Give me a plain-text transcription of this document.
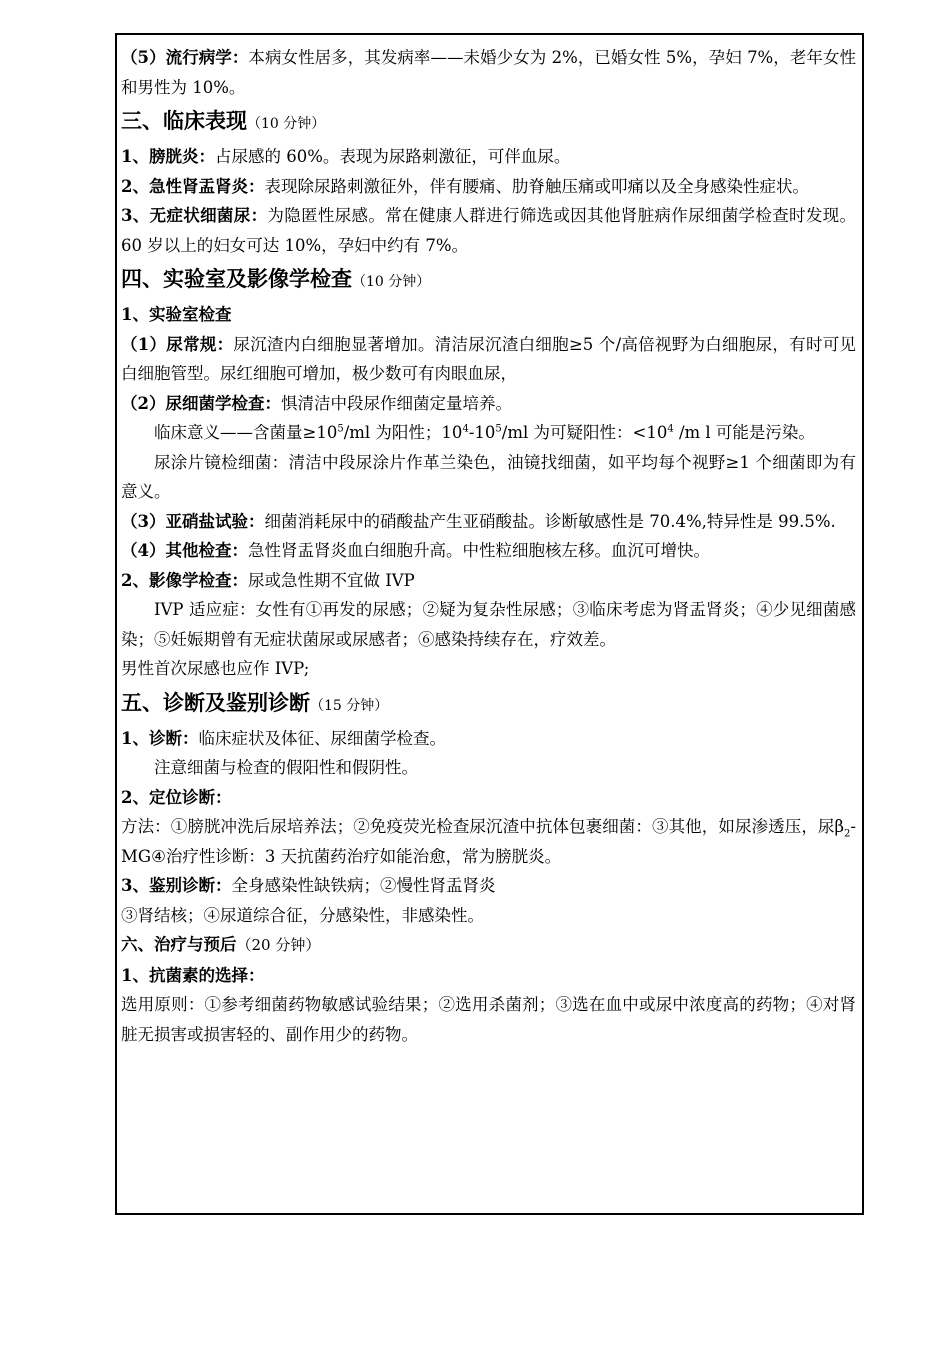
（5）流行病学：本病女性居多，其发病率——未婚少女为 2%，已婚女性 5%，孕妇 7%，老年女性和男性为 10%。

三、临床表现（10 分钟）

1、膀胱炎：占尿感的 60%。表现为尿路刺激征，可伴血尿。

2、急性肾盂肾炎：表现除尿路刺激征外，伴有腰痛、肋脊触压痛或叩痛以及全身感染性症状。

3、无症状细菌尿：为隐匿性尿感。常在健康人群进行筛选或因其他肾脏病作尿细菌学检查时发现。60 岁以上的妇女可达 10%，孕妇中约有 7%。

四、实验室及影像学检查（10 分钟）

1、实验室检查

（1）尿常规：尿沉渣内白细胞显著增加。清洁尿沉渣白细胞≥5 个/高倍视野为白细胞尿，有时可见白细胞管型。尿红细胞可增加，极少数可有肉眼血尿，

（2）尿细菌学检查：惧清洁中段尿作细菌定量培养。

临床意义——含菌量$\ge 10^5/ml$ 为阳性；$10^4-10^5/ml$ 为可疑阳性：$<10^4$ /m l 可能是污染。

尿涂片镜检细菌：清洁中段尿涂片作革兰染色，油镜找细菌，如平均每个视野≥1 个细菌即为有意义。

（3）亚硝盐试验：细菌消耗尿中的硝酸盐产生亚硝酸盐。诊断敏感性是 70.4%,特异性是 99.5%.

（4）其他检查：急性肾盂肾炎血白细胞升高。中性粒细胞核左移。血沉可增快。

2、影像学检查：尿或急性期不宜做 IVP

IVP 适应症：女性有①再发的尿感；②疑为复杂性尿感；③临床考虑为肾盂肾炎；④少见细菌感染；⑤妊娠期曾有无症状菌尿或尿感者；⑥感染持续存在，疗效差。

男性首次尿感也应作 IVP;

五、诊断及鉴别诊断（15 分钟）

1、诊断：临床症状及体征、尿细菌学检查。

注意细菌与检查的假阳性和假阴性。

2、定位诊断：

方法：①膀胱冲洗后尿培养法；②免疫荧光检查尿沉渣中抗体包裹细菌：③其他，如尿渗透压，尿$\beta_2$-MG④治疗性诊断：3 天抗菌药治疗如能治愈，常为膀胱炎。

3、鉴别诊断：全身感染性缺铁病；②慢性肾盂肾炎

③肾结核；④尿道综合征，分感染性，非感染性。

六、治疗与预后（20 分钟）

1、抗菌素的选择：

选用原则：①参考细菌药物敏感试验结果；②选用杀菌剂；③选在血中或尿中浓度高的药物；④对肾脏无损害或损害轻的、副作用少的药物。
